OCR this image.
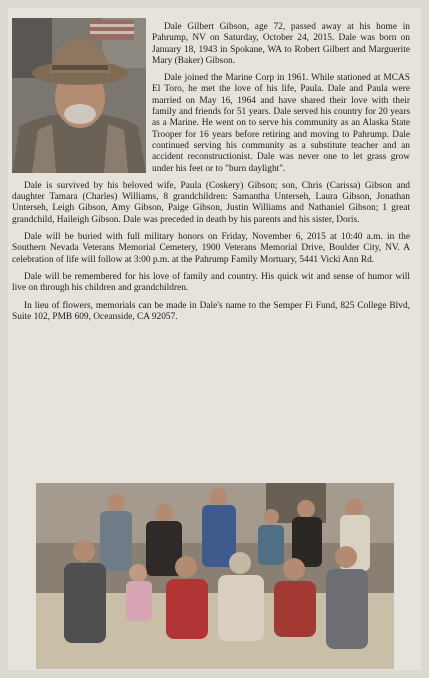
Dale Gilbert Gibson, age 72, passed away at his home in Pahrump, NV on Saturday, October 24, 2015. Dale was born on January 18, 1943 in Spokane, WA to Robert Gilbert and Marguerite Mary (Baker) Gibson.

Dale joined the Marine Corp in 1961. While stationed at MCAS El Toro, he met the love of his life, Paula. Dale and Paula were married on May 16, 1964 and have shared their love with their family and friends for 51 years. Dale served his country for 20 years as a Marine. He went on to serve his community as an Alaska State Trooper for 16 years before retiring and moving to Pahrump. Dale continued serving his community as a substitute teacher and an accident reconstructionist. Dale was never one to let grass grow under his feet or to "burn daylight".

Dale is survived by his beloved wife, Paula (Coskery) Gibson; son, Chris (Carissa) Gibson and daughter Tamara (Charles) Williams, 8 grandchildren: Samantha Unterseh, Laura Gibson, Jonathan Unterseh, Leigh Gibson, Amy Gibson, Paige Gibson, Justin Williams and Nathaniel Gibson; 1 great grandchild, Haileigh Gibson. Dale was preceded in death by his parents and his sister, Doris.

Dale will be buried with full military honors on Friday, November 6, 2015 at 10:40 a.m. in the Southern Nevada Veterans Memorial Cemetery, 1900 Veterans Memorial Drive, Boulder City, NV. A celebration of life will follow at 3:00 p.m. at the Pahrump Family Mortuary, 5441 Vicki Ann Rd.

Dale will be remembered for his love of family and country. His quick wit and sense of humor will live on through his children and grandchildren.

In lieu of flowers, memorials can be made in Dale's name to the Semper Fi Fund, 825 College Blvd, Suite 102, PMB 609, Oceanside, CA 92057.
